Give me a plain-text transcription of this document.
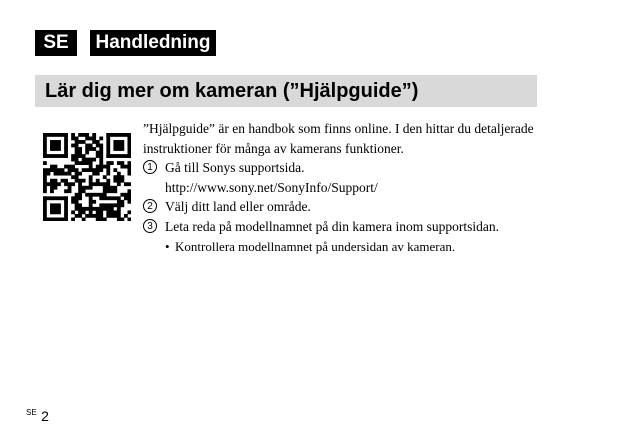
SE	Handledning
Lär dig mer om kameran (”Hjälpguide”)

”Hjälpguide” är en handbok som finns online. I den hittar du detaljerade instruktioner för många av kamerans funktioner.

1 Gå till Sonys supportsida.
http://www.sony.net/SonyInfo/Support/
2 Välj ditt land eller område.
3 Leta reda på modellnamnet på din kamera inom supportsidan.
• Kontrollera modellnamnet på undersidan av kameran.
$^{SE}$ 2
